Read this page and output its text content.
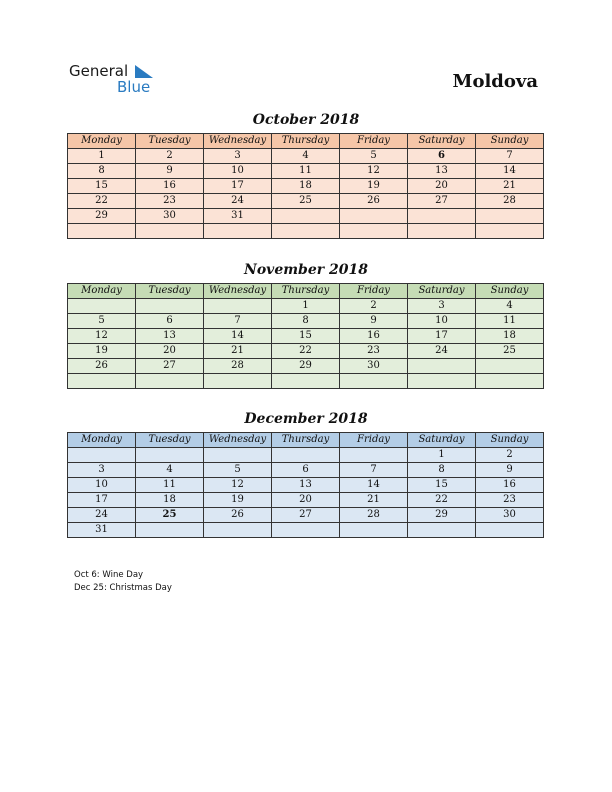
General
Blue	Moldova
October 2018
Monday	Tuesday	Wednesday	Thursday	Friday	Saturday	Sunday
1	2	3	4	5	6	7
8	9	10	11	12	13	14
15	16	17	18	19	20	21
22	23	24	25	26	27	28
29	30	31				

November 2018
Monday	Tuesday	Wednesday	Thursday	Friday	Saturday	Sunday
			1	2	3	4
5	6	7	8	9	10	11
12	13	14	15	16	17	18
19	20	21	22	23	24	25
26	27	28	29	30		

December 2018
Monday	Tuesday	Wednesday	Thursday	Friday	Saturday	Sunday
					1	2
3	4	5	6	7	8	9
10	11	12	13	14	15	16
17	18	19	20	21	22	23
24	25	26	27	28	29	30
31						
Oct 6: Wine Day
Dec 25: Christmas Day
